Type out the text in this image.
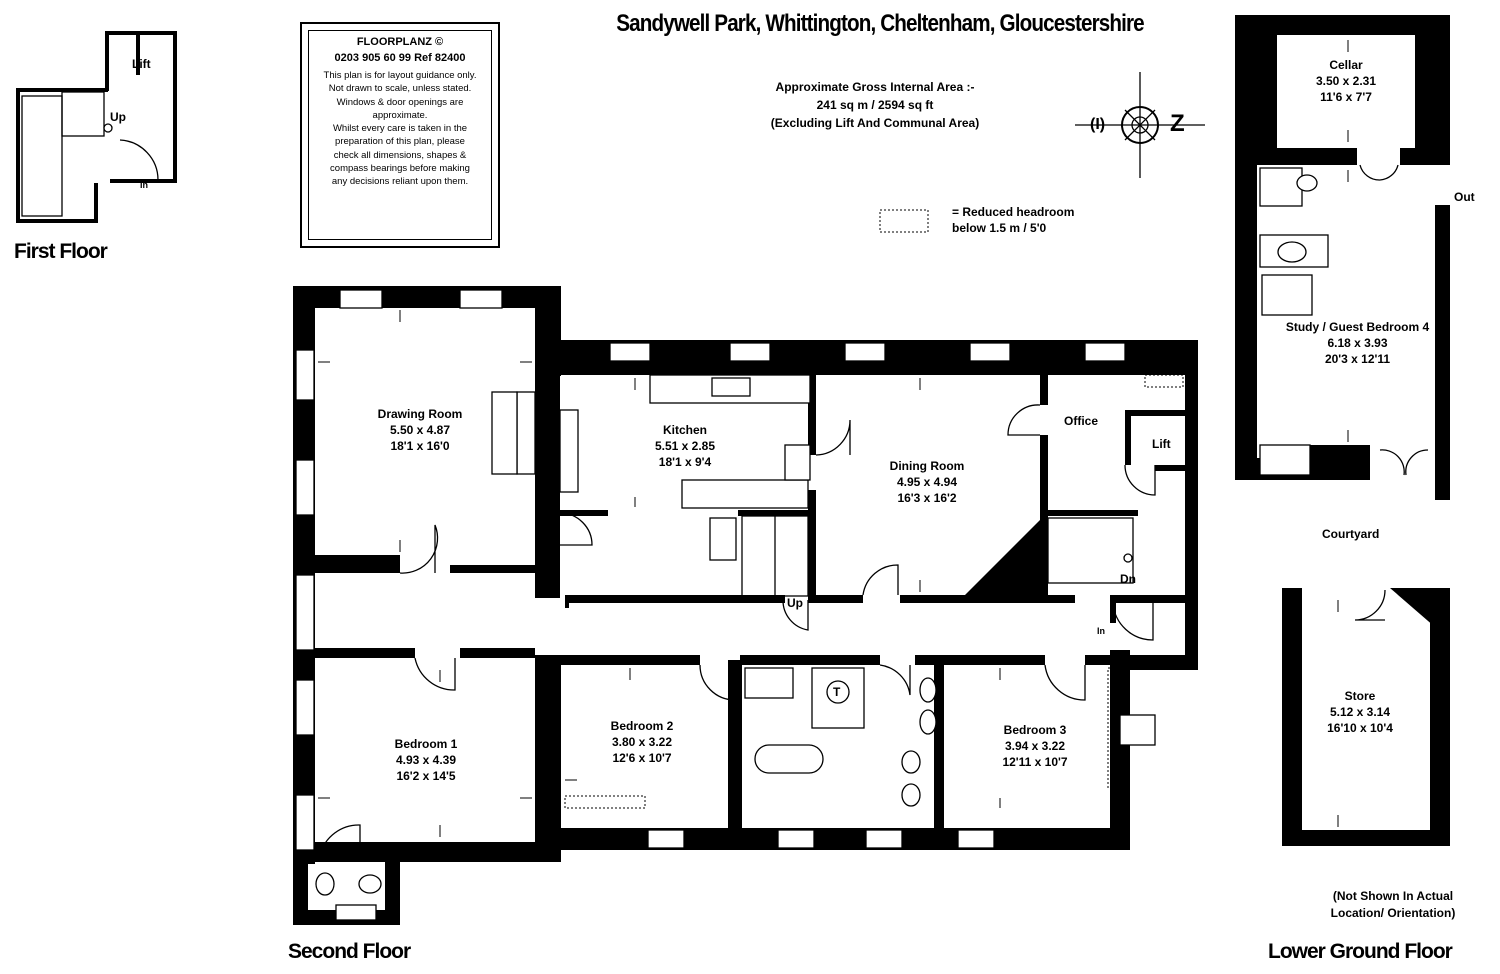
Sandywell Park, Whittington, Cheltenham, Gloucestershire
FLOORPLANZ ©
0203 905 60 99 Ref 82400
This plan is for layout guidance only.
Not drawn to scale, unless stated.
Windows & door openings are
approximate.
Whilst every care is taken in the
preparation of this plan, please
check all dimensions, shapes &
compass bearings before making
any decisions reliant upon them.
Approximate Gross Internal Area :-
241 sq m / 2594 sq ft
(Excluding Lift And Communal Area)	(I)	Z
= Reduced headroom
below 1.5 m / 5'0
First Floor
Second Floor	Lower Ground Floor
Drawing Room
5.50 x 4.87
18'1 x 16'0
Kitchen
5.51 x 2.85
18'1 x 9'4	Dining Room
4.95 x 4.94
16'3 x 16'2
Bedroom 1
4.93 x 4.39
16'2 x 14'5
Bedroom 2
3.80 x 3.22
12'6 x 10'7
Bedroom 3
3.94 x 3.22
12'11 x 10'7
Cellar
3.50 x 2.31
11'6 x 7'7
Study / Guest Bedroom 4
6.18 x 3.93
20'3 x 12'11
Store
5.12 x 3.14
16'10 x 10'4
Office
Lift
Lift
Up
Up
Dn
In
In
Out
Courtyard
T
(Not Shown In Actual
Location/ Orientation)
